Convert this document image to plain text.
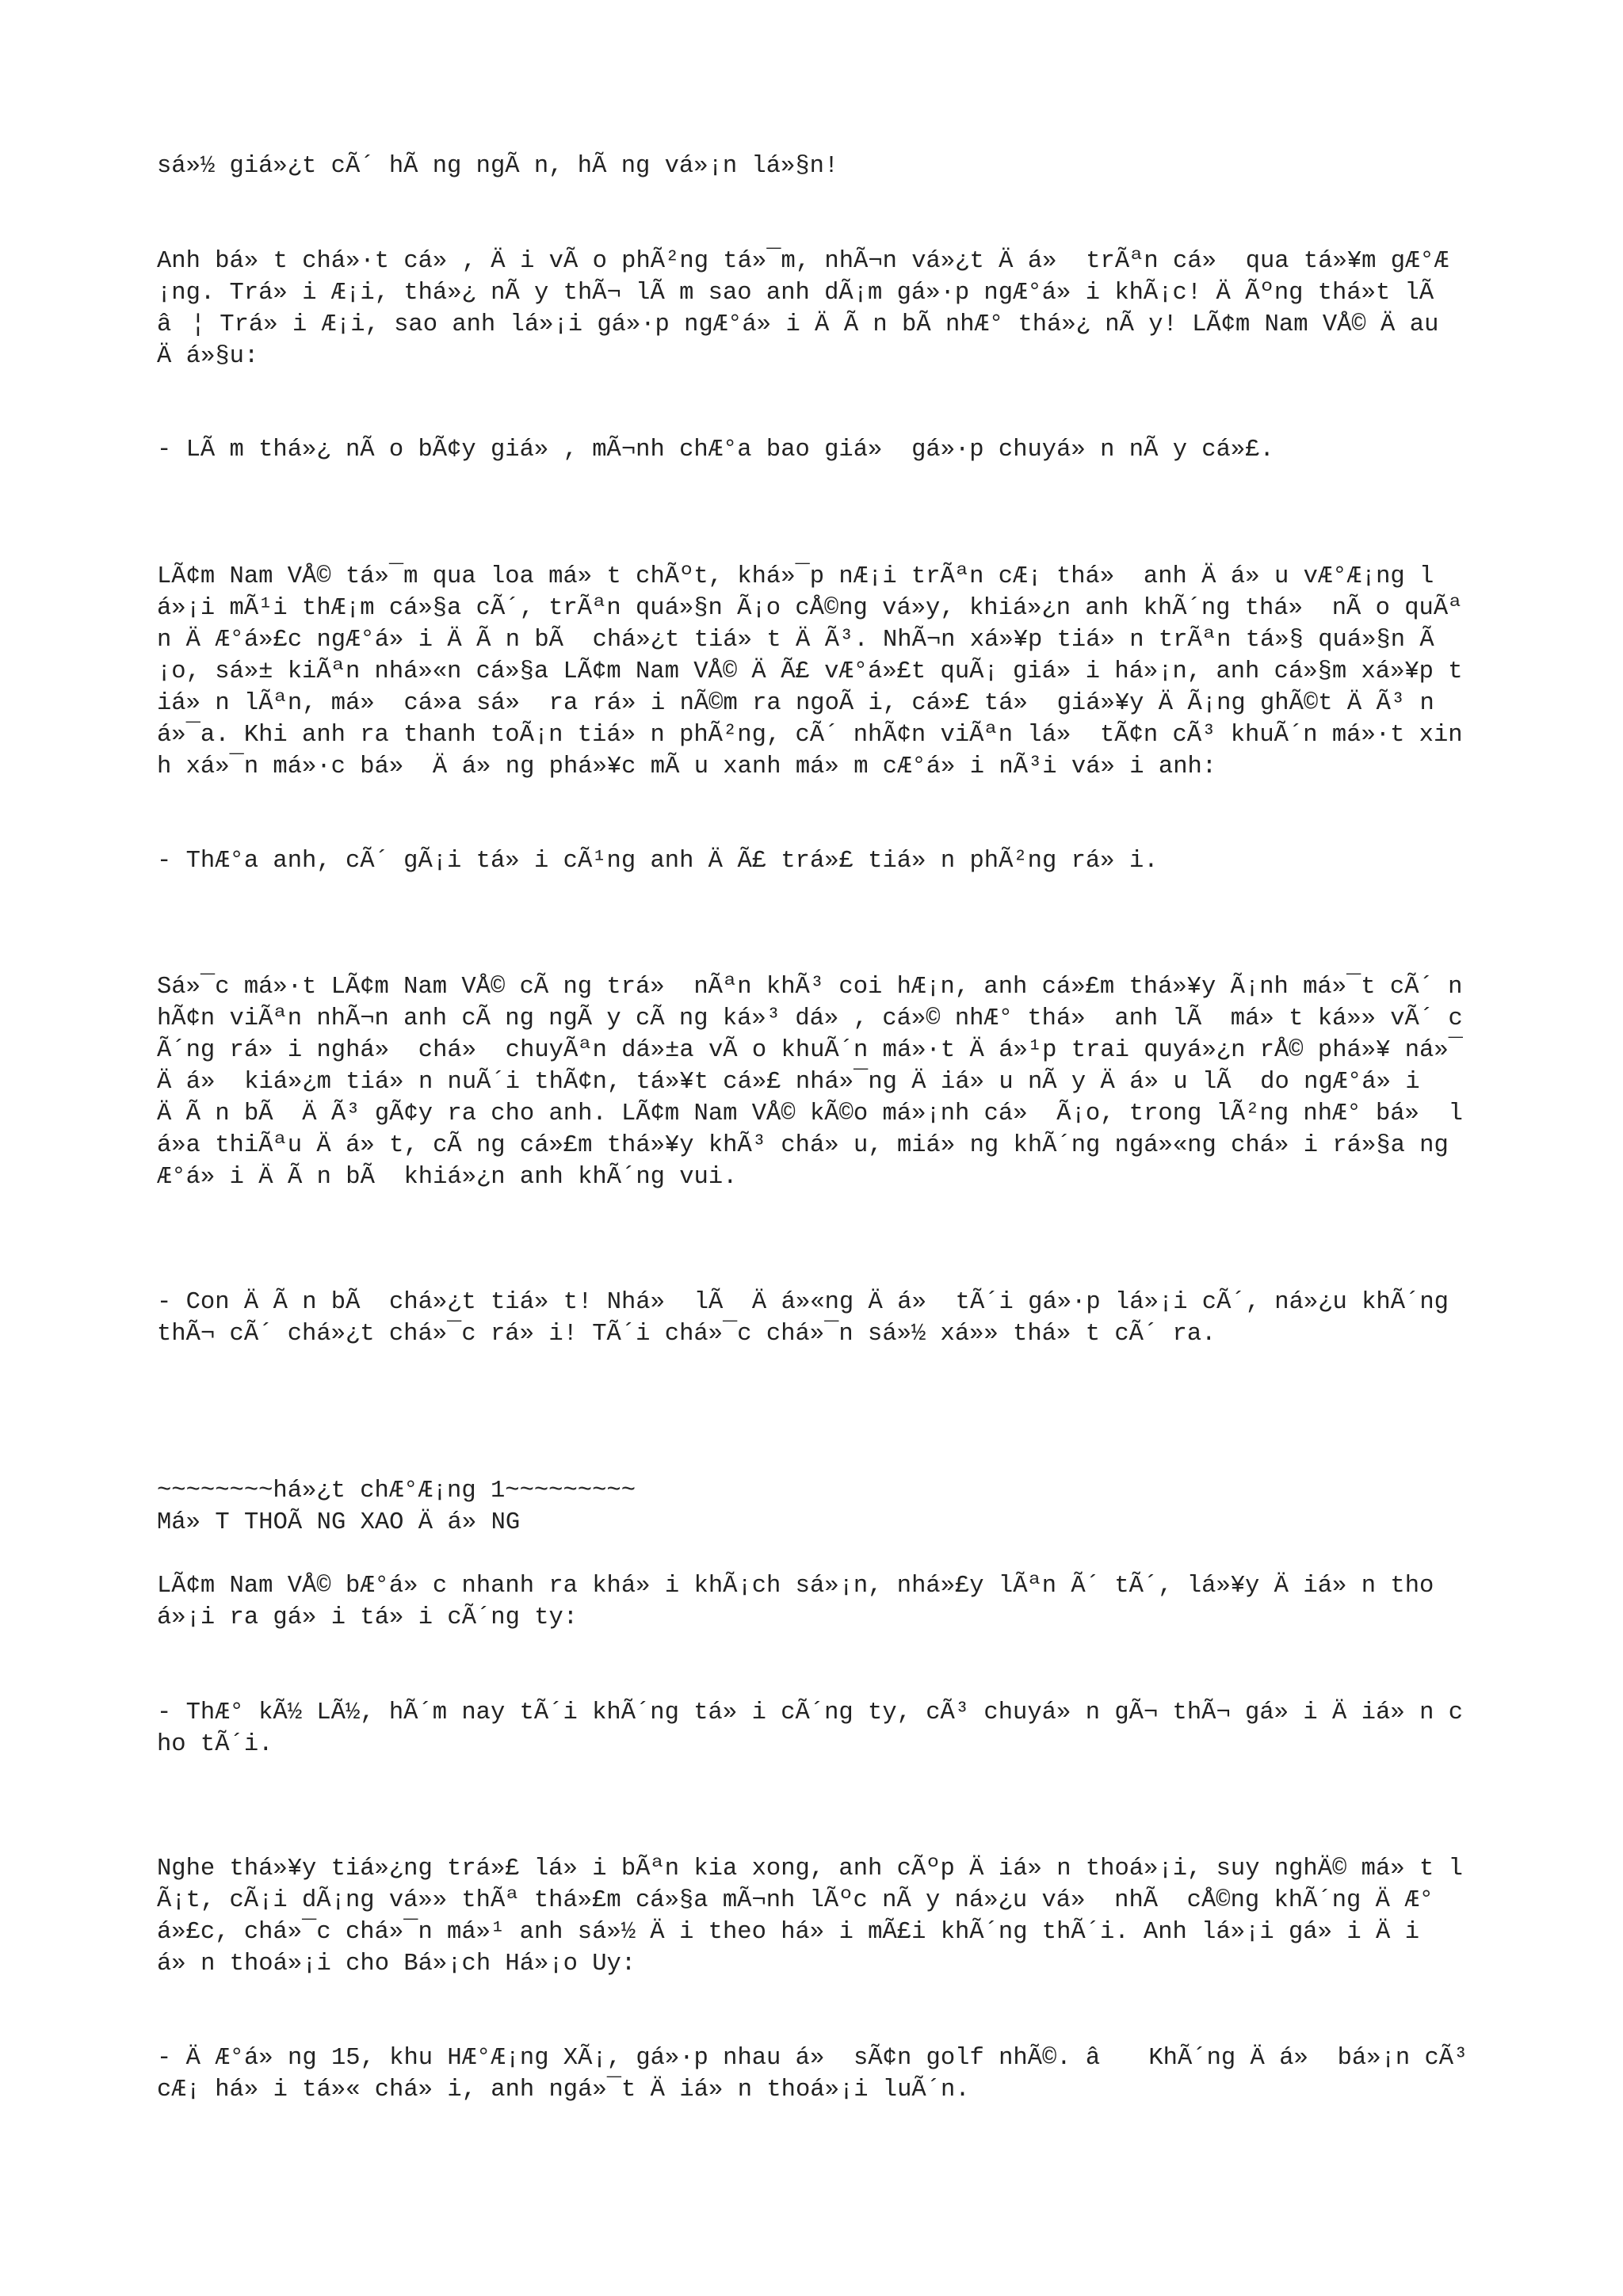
sá»½ giá»¿t cÃ´ hÃ ng ngÃ n, hÃ ng vá»¡n lá»§n!

Anh bá»t chá»·t cá», Äi vÃ o phÃ²ng tá»¯m, nhÃ¬n vá»¿t Äá» trÃªn cá» qua tá»¥m gÆ°Æ¡ng. Trá»i Æ¡i, thá»¿ nÃ y thÃ¬ lÃ m sao anh dÃ¡m gá»·p ngÆ°á»i khÃ¡c! ÄÃºng thá»t lÃ â¦ Trá»i Æ¡i, sao anh lá»¡i gá»·p ngÆ°á»i ÄÃ n bÃ nhÆ° thá»¿ nÃ y! LÃ¢m Nam VÅ© Äau Äá»§u:

- LÃ m thá»¿ nÃ o bÃ¢y giá», mÃ¬nh chÆ°a bao giá» gá»·p chuyá»n nÃ y cá»£.

LÃ¢m Nam VÅ© tá»¯m qua loa má»t chÃºt, khá»¯p nÆ¡i trÃªn cÆ¡ thá» anh Äá»u vÆ°Æ¡ng lá»¡i mÃ¹i thÆ¡m cá»§a cÃ´, trÃªn quá»§n Ã¡o cÅ©ng vá»y, khiá»¿n anh khÃ´ng thá» nÃ o quÃªn ÄÆ°á»£c ngÆ°á»i ÄÃ n bÃ  chá»¿t tiá»t ÄÃ³. NhÃ¬n xá»¥p tiá»n trÃªn tá»§ quá»§n Ã¡o, sá»± kiÃªn nhá»«n cá»§a LÃ¢m Nam VÅ© ÄÃ£ vÆ°á»£t quÃ¡ giá»i há»¡n, anh cá»§m xá»¥p tiá»n lÃªn, má» cá»a sá» ra rá»i nÃ©m ra ngoÃ i, cá»£ tá» giá»¥y ÄÃ¡ng ghÃ©t ÄÃ³ ná»¯a. Khi anh ra thanh toÃ¡n tiá»n phÃ²ng, cÃ´ nhÃ¢n viÃªn lá» tÃ¢n cÃ³ khuÃ´n má»·t xinh xá»¯n má»·c bá» Äá»ng phá»¥c mÃ u xanh má»m cÆ°á»i nÃ³i vá»i anh:

- ThÆ°a anh, cÃ´ gÃ¡i tá»i cÃ¹ng anh ÄÃ£ trá»£ tiá»n phÃ²ng rá»i.

Sá»¯c má»·t LÃ¢m Nam VÅ© cÃ ng trá» nÃªn khÃ³ coi hÆ¡n, anh cá»£m thá»¥y Ã¡nh má»¯t cÃ´ nhÃ¢n viÃªn nhÃ¬n anh cÃ ng ngÃ y cÃ ng ká»³ dá», cá»© nhÆ° thá» anh lÃ  má»t ká»» vÃ´ cÃ´ng rá»i nghá» chá» chuyÃªn dá»±a vÃ o khuÃ´n má»·t Äá»¹p trai quyá»¿n rÅ© phá»¥ ná»¯ Äá» kiá»¿m tiá»n nuÃ´i thÃ¢n, tá»¥t cá»£ nhá»¯ng Äiá»u nÃ y Äá»u lÃ  do ngÆ°á»i ÄÃ n bÃ  ÄÃ³ gÃ¢y ra cho anh. LÃ¢m Nam VÅ© kÃ©o má»¡nh cá» Ã¡o, trong lÃ²ng nhÆ° bá» lá»a thiÃªu Äá»t, cÃ ng cá»£m thá»¥y khÃ³ chá»u, miá»ng khÃ´ng ngá»«ng chá»i rá»§a ngÆ°á»i ÄÃ n bÃ  khiá»¿n anh khÃ´ng vui.

- Con ÄÃ n bÃ  chá»¿t tiá»t! Nhá» lÃ  Äá»«ng Äá» tÃ´i gá»·p lá»¡i cÃ´, ná»¿u khÃ´ng thÃ¬ cÃ´ chá»¿t chá»¯c rá»i! TÃ´i chá»¯c chá»¯n sá»½ xá»» thá»t cÃ´ ra.

~~~~~~~~há»¿t chÆ°Æ¡ng 1~~~~~~~~~
Má»T THOÃNG XAO Äá»NG

LÃ¢m Nam VÅ© bÆ°á»c nhanh ra khá»i khÃ¡ch sá»¡n, nhá»£y lÃªn Ã´ tÃ´, lá»¥y Äiá»n thoá»¡i ra gá»i tá»i cÃ´ng ty:

- ThÆ° kÃ½ LÃ½, hÃ´m nay tÃ´i khÃ´ng tá»i cÃ´ng ty, cÃ³ chuyá»n gÃ¬ thÃ¬ gá»i Äiá»n cho tÃ´i.

Nghe thá»¥y tiá»¿ng trá»£ lá»i bÃªn kia xong, anh cÃºp Äiá»n thoá»¡i, suy nghÄ© má»t lÃ¡t, cÃ¡i dÃ¡ng vá»» thÃª thá»£m cá»§a mÃ¬nh lÃºc nÃ y ná»¿u vá» nhÃ  cÅ©ng khÃ´ng ÄÆ°á»£c, chá»¯c chá»¯n má»¹ anh sá»½ Äi theo há»i mÃ£i khÃ´ng thÃ´i. Anh lá»¡i gá»i Äiá»n thoá»¡i cho Bá»¡ch Há»¡o Uy:

- ÄÆ°á»ng 15, khu HÆ°Æ¡ng XÃ¡, gá»·p nhau á» sÃ¢n golf nhÃ©. â KhÃ´ng Äá» bá»¡n cÃ³ cÆ¡ há»i tá»« chá»i, anh ngá»¯t Äiá»n thoá»¡i luÃ´n.
